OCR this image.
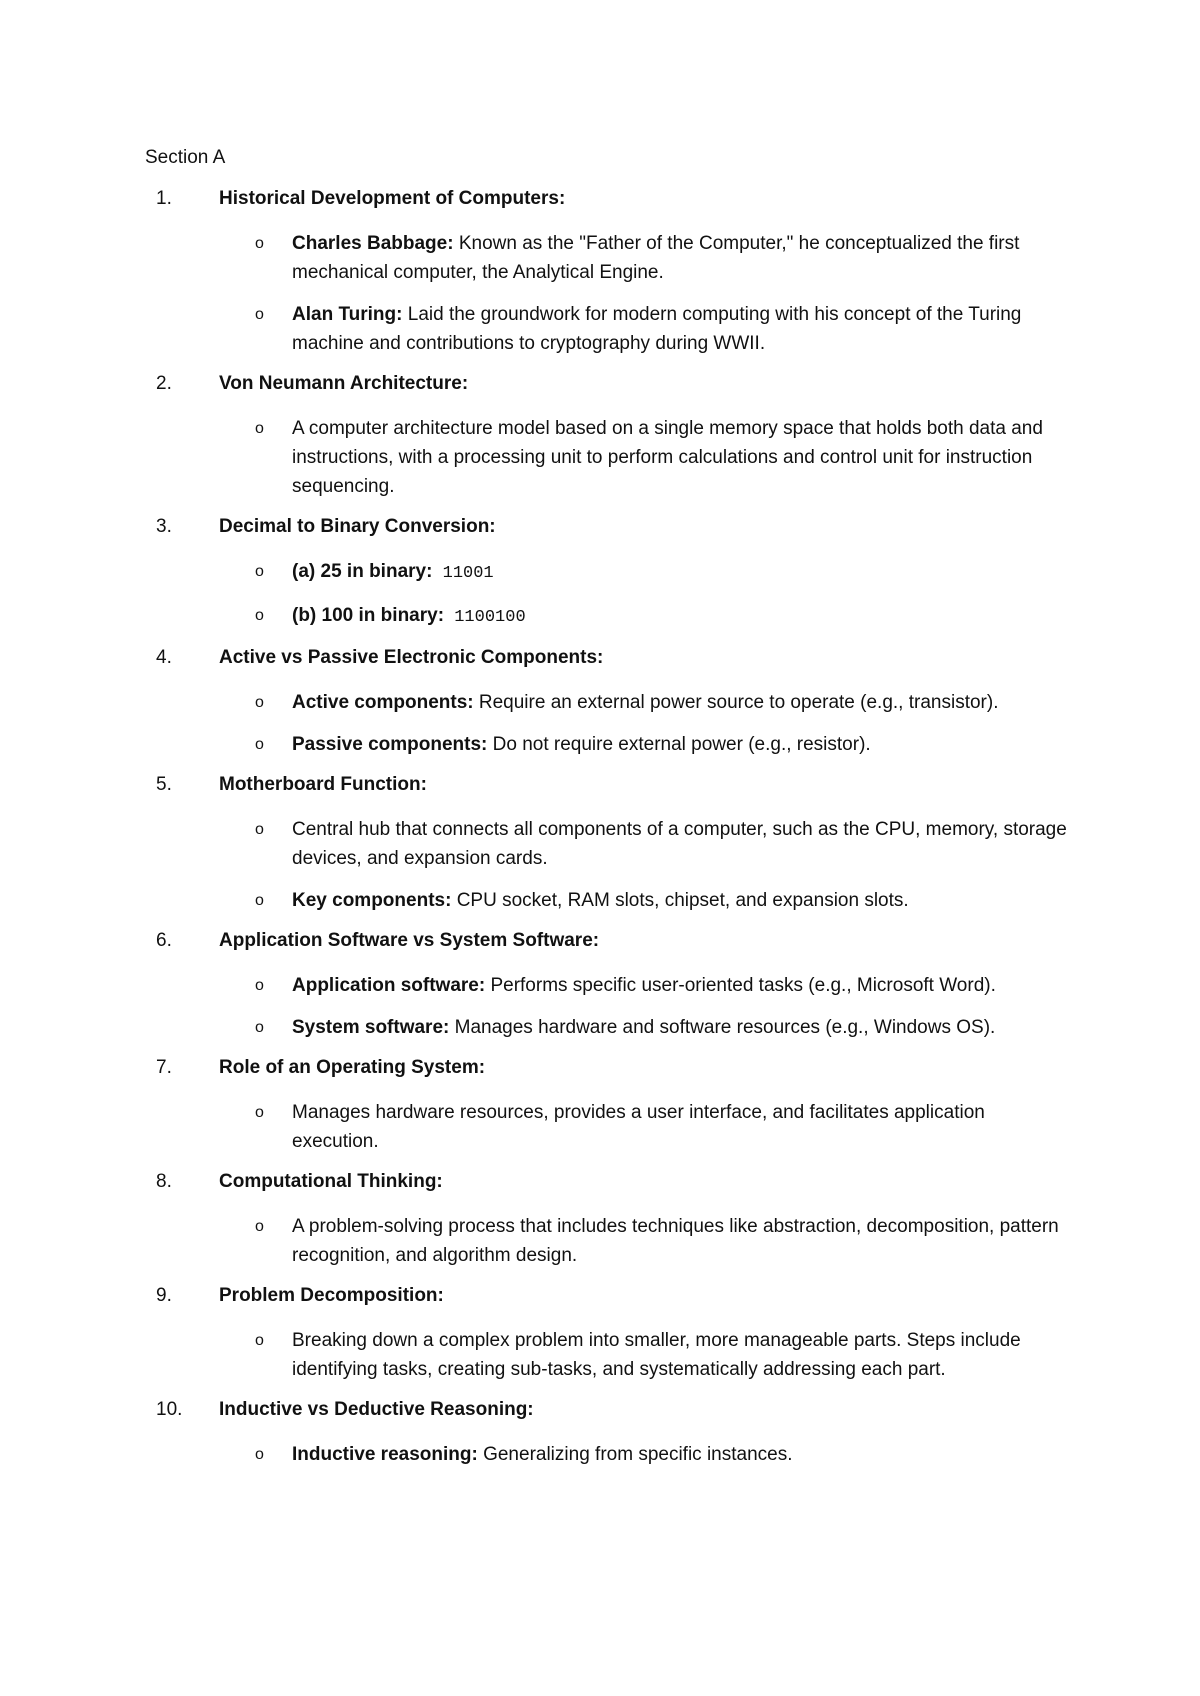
Section A

1.	Historical Development of Computers:
o Charles Babbage: Known as the "Father of the Computer," he conceptualized the first mechanical computer, the Analytical Engine.
o Alan Turing: Laid the groundwork for modern computing with his concept of the Turing machine and contributions to cryptography during WWII.
2.	Von Neumann Architecture:
o A computer architecture model based on a single memory space that holds both data and instructions, with a processing unit to perform calculations and control unit for instruction sequencing.
3.	Decimal to Binary Conversion:
o (a) 25 in binary: 11001
o (b) 100 in binary: 1100100
4.	Active vs Passive Electronic Components:
o Active components: Require an external power source to operate (e.g., transistor).
o Passive components: Do not require external power (e.g., resistor).
5.	Motherboard Function:
o Central hub that connects all components of a computer, such as the CPU, memory, storage devices, and expansion cards.
o Key components: CPU socket, RAM slots, chipset, and expansion slots.
6.	Application Software vs System Software:
o Application software: Performs specific user-oriented tasks (e.g., Microsoft Word).
o System software: Manages hardware and software resources (e.g., Windows OS).
7.	Role of an Operating System:
o Manages hardware resources, provides a user interface, and facilitates application execution.
8.	Computational Thinking:
o A problem-solving process that includes techniques like abstraction, decomposition, pattern recognition, and algorithm design.
9.	Problem Decomposition:
o Breaking down a complex problem into smaller, more manageable parts. Steps include identifying tasks, creating sub-tasks, and systematically addressing each part.
10.	Inductive vs Deductive Reasoning:
o Inductive reasoning: Generalizing from specific instances.
